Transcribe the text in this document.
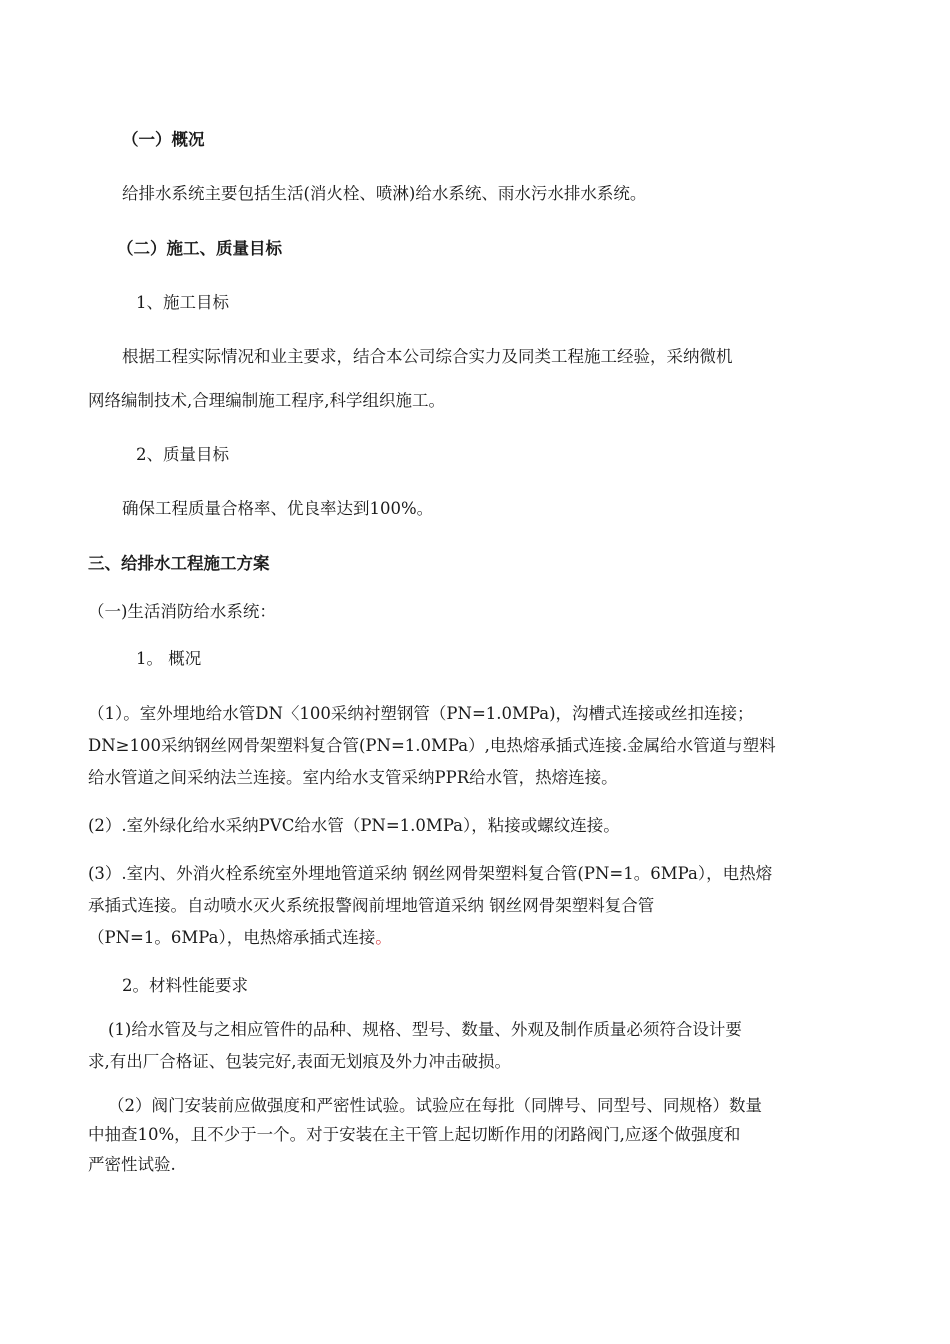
（一）概况
给排水系统主要包括生活(消火栓、喷淋)给水系统、雨水污水排水系统。
（二）施工、质量目标
1、施工目标
根据工程实际情况和业主要求，结合本公司综合实力及同类工程施工经验，采纳微机
网络编制技术,合理编制施工程序,科学组织施工。
2、质量目标
确保工程质量合格率、优良率达到100%。
三、给排水工程施工方案
（一)生活消防给水系统：
1。 概况
（1）。室外埋地给水管DN〈100采纳衬塑钢管（PN=1.0MPa)，沟槽式连接或丝扣连接；
DN≥100采纳钢丝网骨架塑料复合管(PN=1.0MPa）,电热熔承插式连接.金属给水管道与塑料
给水管道之间采纳法兰连接。室内给水支管采纳PPR给水管，热熔连接。
(2）.室外绿化给水采纳PVC给水管（PN=1.0MPa），粘接或螺纹连接。
(3）.室内、外消火栓系统室外埋地管道采纳 钢丝网骨架塑料复合管(PN=1。6MPa），电热熔
承插式连接。自动喷水灭火系统报警阀前埋地管道采纳 钢丝网骨架塑料复合管
（PN=1。6MPa），电热熔承插式连接。
2。材料性能要求
(1)给水管及与之相应管件的品种、规格、型号、数量、外观及制作质量必须符合设计要
求,有出厂合格证、包装完好,表面无划痕及外力冲击破损。
（2）阀门安装前应做强度和严密性试验。试验应在每批（同牌号、同型号、同规格）数量
中抽查10%，且不少于一个。对于安装在主干管上起切断作用的闭路阀门,应逐个做强度和
严密性试验.
